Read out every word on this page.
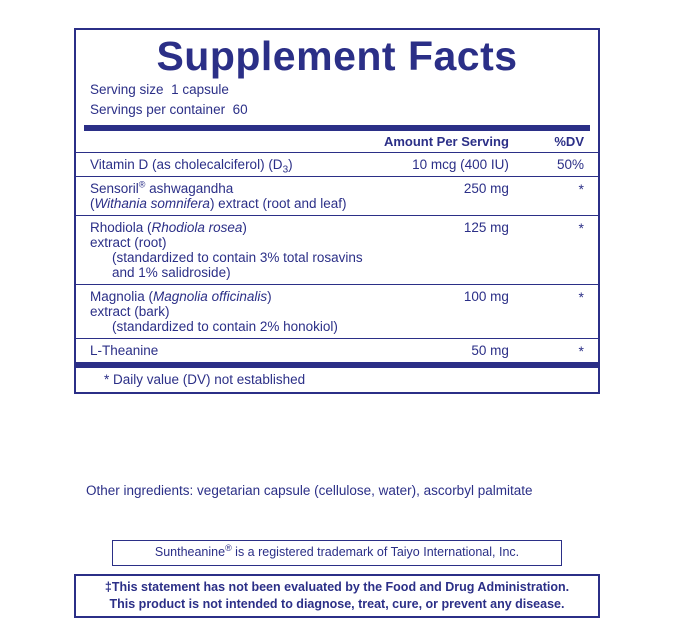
Supplement Facts
Serving size 1 capsule
Servings per container 60
	Amount Per Serving	%DV
Vitamin D (as cholecalciferol) $(D_3)$	10 mcg (400 IU)	50%

Sensoril® ashwagandha
(Withania somnifera) extract (root and leaf)	250 mg	*

Rhodiola (Rhodiola rosea)
extract (root)
(standardized to contain 3% total rosavins
and 1% salidroside)	125 mg	*

Magnolia (Magnolia officinalis)
extract (bark)
(standardized to contain 2% honokiol)	100 mg	*
L-Theanine	50 mg	*
* Daily value (DV) not established		
Other ingredients: vegetarian capsule (cellulose, water), ascorbyl palmitate
Suntheanine® is a registered trademark of Taiyo International, Inc.
‡This statement has not been evaluated by the Food and Drug Administration.
This product is not intended to diagnose, treat, cure, or prevent any disease.
